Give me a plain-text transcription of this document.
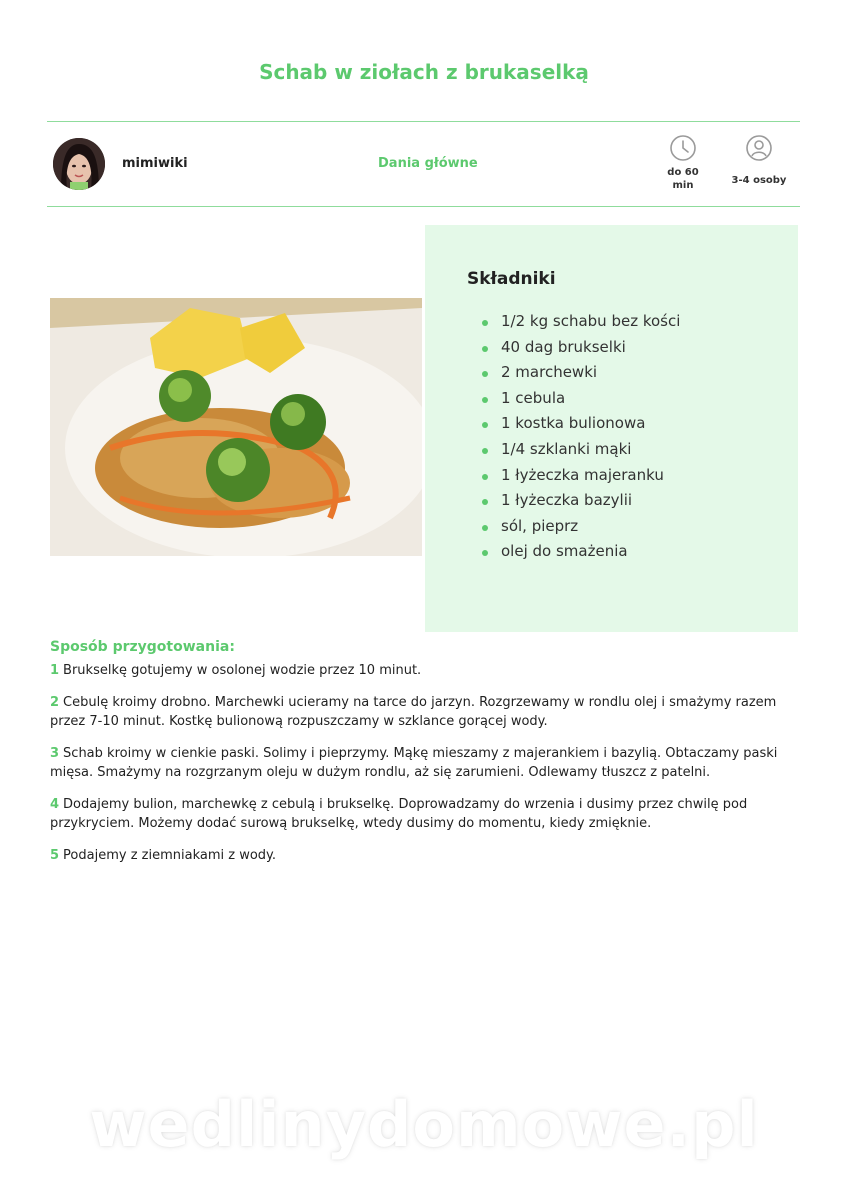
Schab w ziołach z brukaselką
mimiwiki	Dania główne
do 60
min	3-4 osoby
Składniki
1/2 kg schabu bez kości
40 dag brukselki
2 marchewki
1 cebula
1 kostka bulionowa
1/4 szklanki mąki
1 łyżeczka majeranku
1 łyżeczka bazylii
sól, pieprz
olej do smażenia
Sposób przygotowania:

1 Brukselkę gotujemy w osolonej wodzie przez 10 minut.

2 Cebulę kroimy drobno. Marchewki ucieramy na tarce do jarzyn. Rozgrzewamy w rondlu olej i smażymy razem przez 7-10 minut. Kostkę bulionową rozpuszczamy w szklance gorącej wody.

3 Schab kroimy w cienkie paski. Solimy i pieprzymy. Mąkę mieszamy z majerankiem i bazylią. Obtaczamy paski mięsa. Smażymy na rozgrzanym oleju w dużym rondlu, aż się zarumieni. Odlewamy tłuszcz z patelni.

4 Dodajemy bulion, marchewkę z cebulą i brukselkę. Doprowadzamy do wrzenia i dusimy przez chwilę pod przykryciem. Możemy dodać surową brukselkę, wtedy dusimy do momentu, kiedy zmięknie.

5 Podajemy z ziemniakami z wody.

wedlinydomowe.pl
